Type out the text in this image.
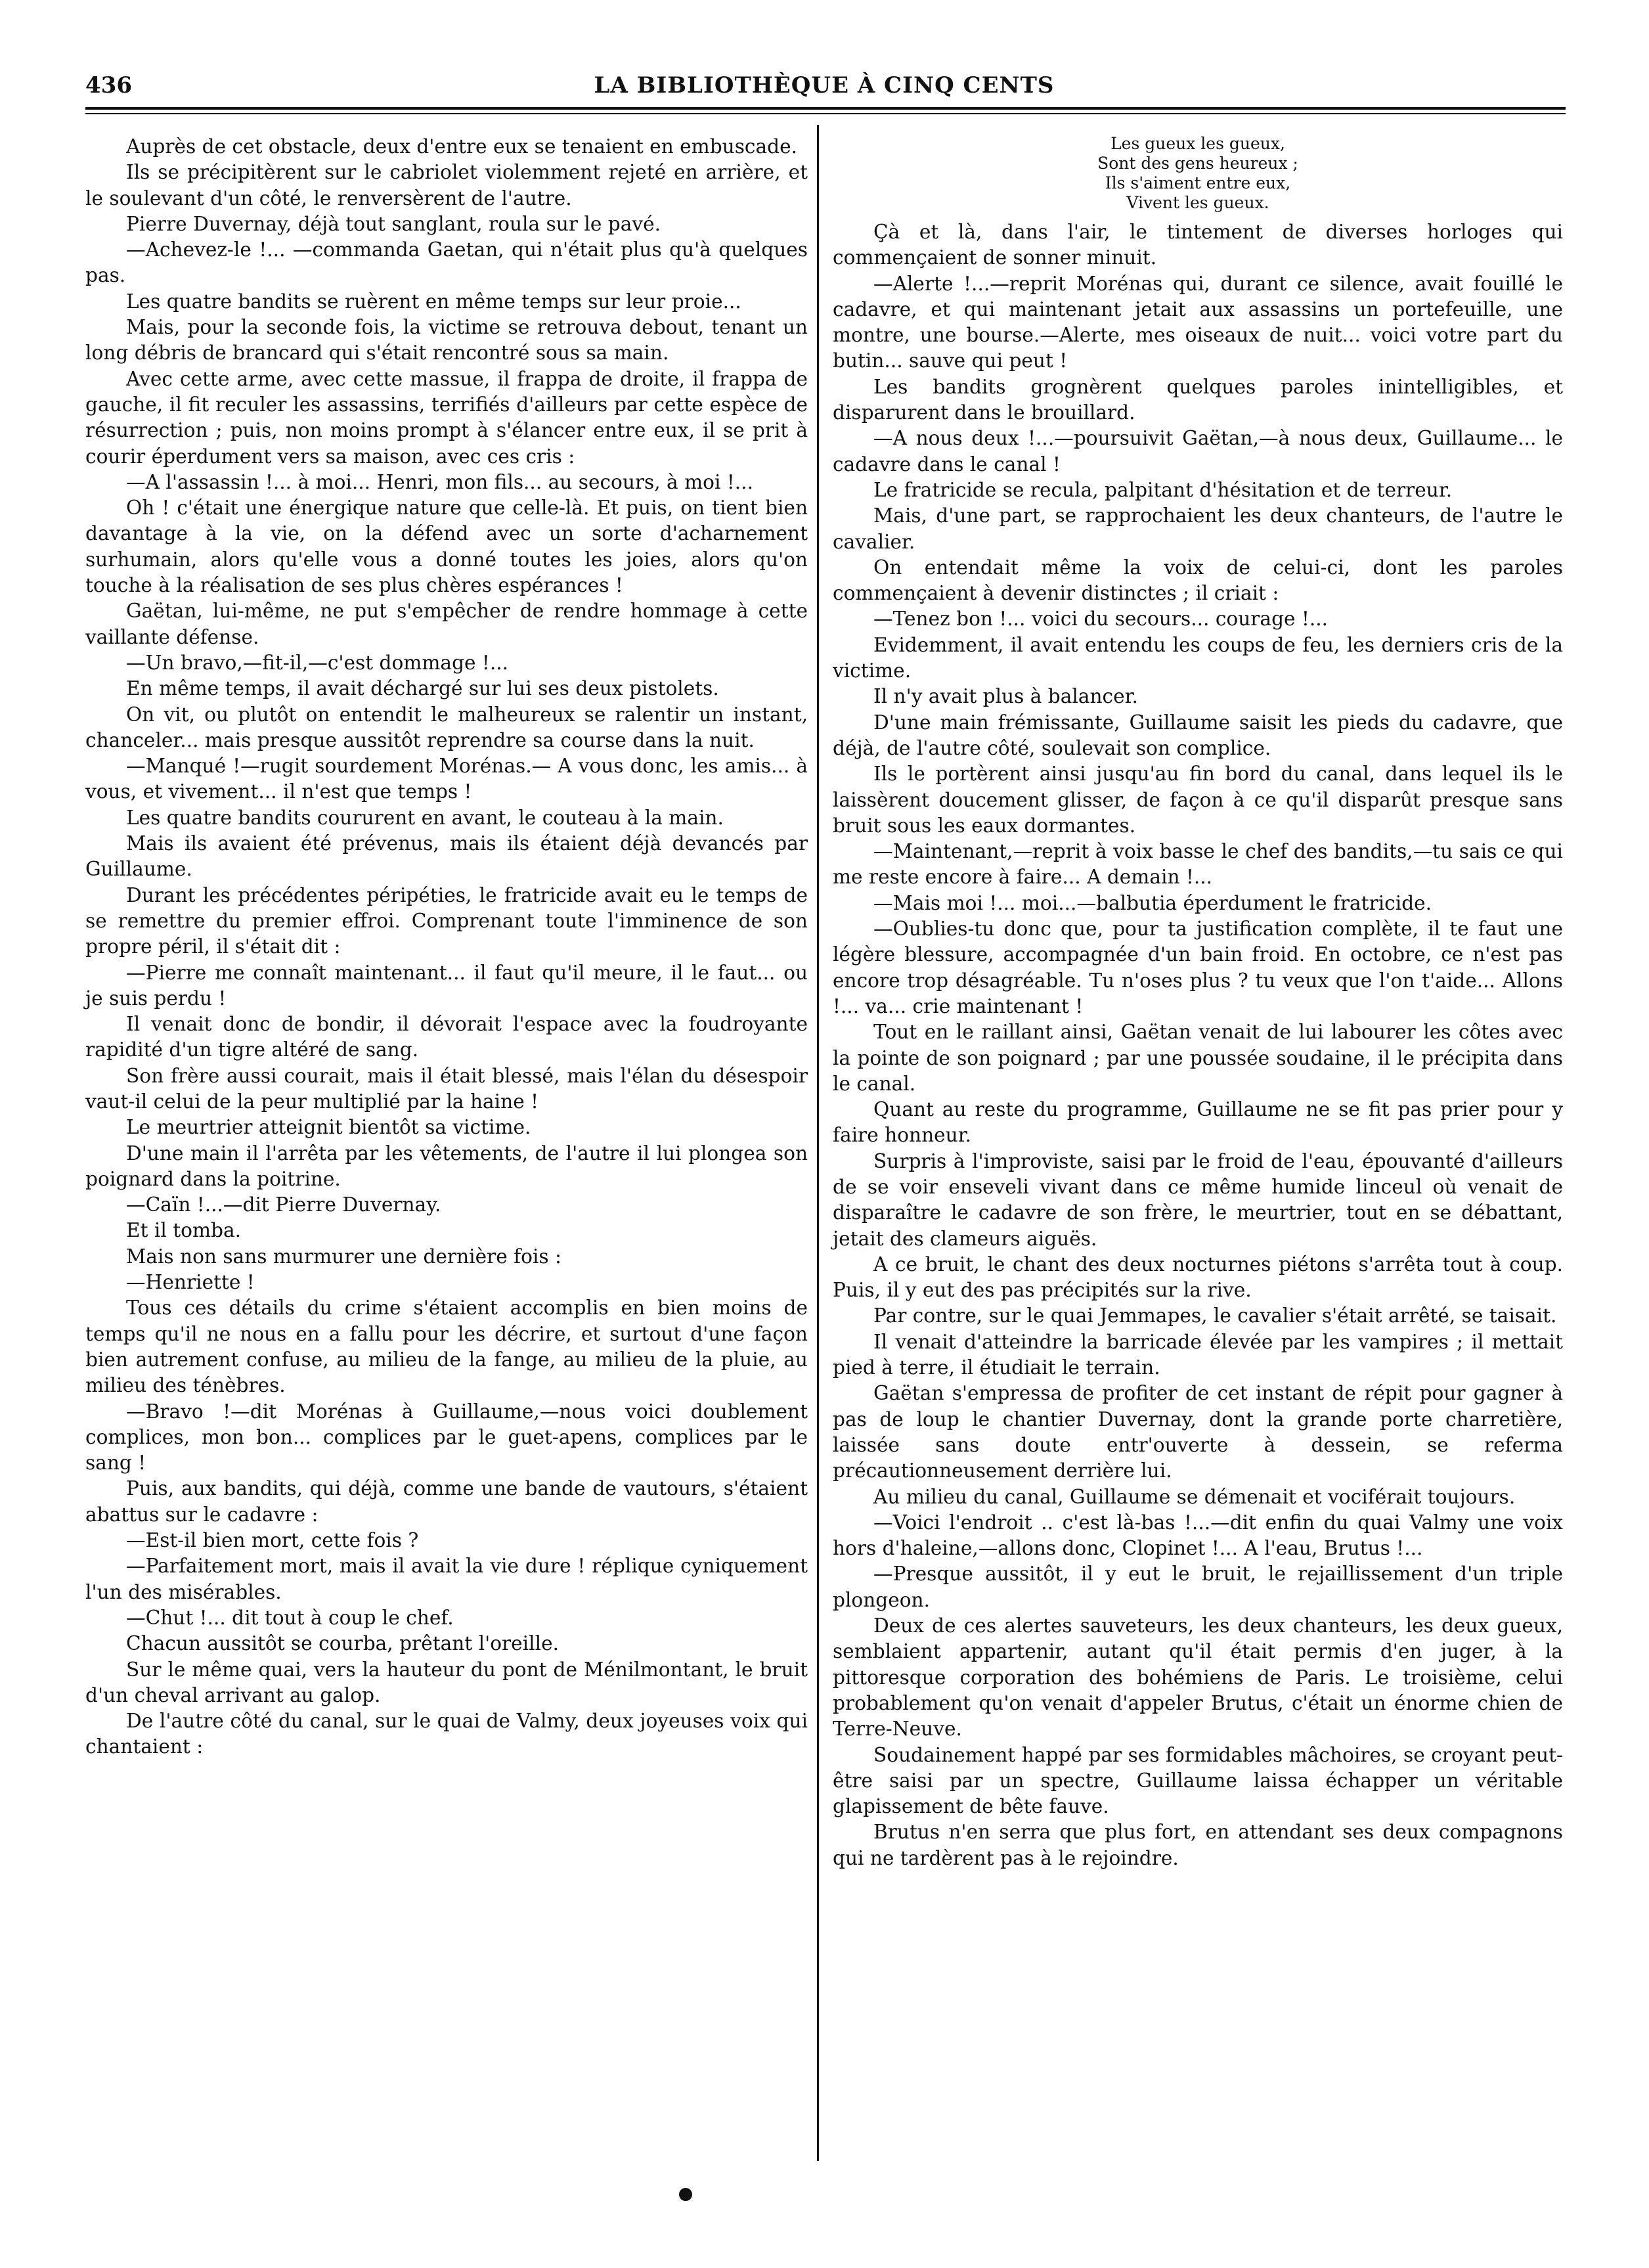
436	LA BIBLIOTHÈQUE À CINQ CENTS

Auprès de cet obstacle, deux d'entre eux se tenaient en embuscade.

Ils se précipitèrent sur le cabriolet violemment rejeté en arrière, et le soulevant d'un côté, le renversèrent de l'autre.

Pierre Duvernay, déjà tout sanglant, roula sur le pavé.

—Achevez-le !... —commanda Gaetan, qui n'était plus qu'à quelques pas.

Les quatre bandits se ruèrent en même temps sur leur proie...

Mais, pour la seconde fois, la victime se retrouva debout, tenant un long débris de brancard qui s'était rencontré sous sa main.

Avec cette arme, avec cette massue, il frappa de droite, il frappa de gauche, il fit reculer les assassins, terrifiés d'ailleurs par cette espèce de résurrection ; puis, non moins prompt à s'élancer entre eux, il se prit à courir éperdument vers sa maison, avec ces cris :

—A l'assassin !... à moi... Henri, mon fils... au secours, à moi !...

Oh ! c'était une énergique nature que celle-là. Et puis, on tient bien davantage à la vie, on la défend avec un sorte d'acharnement surhumain, alors qu'elle vous a donné toutes les joies, alors qu'on touche à la réalisation de ses plus chères espérances !

Gaëtan, lui-même, ne put s'empêcher de rendre hommage à cette vaillante défense.

—Un bravo,—fit-il,—c'est dommage !...

En même temps, il avait déchargé sur lui ses deux pistolets.

On vit, ou plutôt on entendit le malheureux se ralentir un instant, chanceler... mais presque aussitôt reprendre sa course dans la nuit.

—Manqué !—rugit sourdement Morénas.— A vous donc, les amis... à vous, et vivement... il n'est que temps !

Les quatre bandits coururent en avant, le couteau à la main.

Mais ils avaient été prévenus, mais ils étaient déjà devancés par Guillaume.

Durant les précédentes péripéties, le fratricide avait eu le temps de se remettre du premier effroi. Comprenant toute l'imminence de son propre péril, il s'était dit :

—Pierre me connaît maintenant... il faut qu'il meure, il le faut... ou je suis perdu !

Il venait donc de bondir, il dévorait l'espace avec la foudroyante rapidité d'un tigre altéré de sang.

Son frère aussi courait, mais il était blessé, mais l'élan du désespoir vaut-il celui de la peur multiplié par la haine !

Le meurtrier atteignit bientôt sa victime.

D'une main il l'arrêta par les vêtements, de l'autre il lui plongea son poignard dans la poitrine.

—Caïn !...—dit Pierre Duvernay.

Et il tomba.

Mais non sans murmurer une dernière fois :

—Henriette !

Tous ces détails du crime s'étaient accomplis en bien moins de temps qu'il ne nous en a fallu pour les décrire, et surtout d'une façon bien autrement confuse, au milieu de la fange, au milieu de la pluie, au milieu des ténèbres.

—Bravo !—dit Morénas à Guillaume,—nous voici doublement complices, mon bon... complices par le guet-apens, complices par le sang !

Puis, aux bandits, qui déjà, comme une bande de vautours, s'étaient abattus sur le cadavre :

—Est-il bien mort, cette fois ?

—Parfaitement mort, mais il avait la vie dure ! réplique cyniquement l'un des misérables.

—Chut !... dit tout à coup le chef.

Chacun aussitôt se courba, prêtant l'oreille.

Sur le même quai, vers la hauteur du pont de Ménilmontant, le bruit d'un cheval arrivant au galop.

De l'autre côté du canal, sur le quai de Valmy, deux joyeuses voix qui chantaient :

Les gueux les gueux,
Sont des gens heureux ;
Ils s'aiment entre eux,
Vivent les gueux.

Çà et là, dans l'air, le tintement de diverses horloges qui commençaient de sonner minuit.

—Alerte !...—reprit Morénas qui, durant ce silence, avait fouillé le cadavre, et qui maintenant jetait aux assassins un portefeuille, une montre, une bourse.—Alerte, mes oiseaux de nuit... voici votre part du butin... sauve qui peut !

Les bandits grognèrent quelques paroles inintelligibles, et disparurent dans le brouillard.

—A nous deux !...—poursuivit Gaëtan,—à nous deux, Guillaume... le cadavre dans le canal !

Le fratricide se recula, palpitant d'hésitation et de terreur.

Mais, d'une part, se rapprochaient les deux chanteurs, de l'autre le cavalier.

On entendait même la voix de celui-ci, dont les paroles commençaient à devenir distinctes ; il criait :

—Tenez bon !... voici du secours... courage !...

Evidemment, il avait entendu les coups de feu, les derniers cris de la victime.

Il n'y avait plus à balancer.

D'une main frémissante, Guillaume saisit les pieds du cadavre, que déjà, de l'autre côté, soulevait son complice.

Ils le portèrent ainsi jusqu'au fin bord du canal, dans lequel ils le laissèrent doucement glisser, de façon à ce qu'il disparût presque sans bruit sous les eaux dormantes.

—Maintenant,—reprit à voix basse le chef des bandits,—tu sais ce qui me reste encore à faire... A demain !...

—Mais moi !... moi...—balbutia éperdument le fratricide.

—Oublies-tu donc que, pour ta justification complète, il te faut une légère blessure, accompagnée d'un bain froid. En octobre, ce n'est pas encore trop désagréable. Tu n'oses plus ? tu veux que l'on t'aide... Allons !... va... crie maintenant !

Tout en le raillant ainsi, Gaëtan venait de lui labourer les côtes avec la pointe de son poignard ; par une poussée soudaine, il le précipita dans le canal.

Quant au reste du programme, Guillaume ne se fit pas prier pour y faire honneur.

Surpris à l'improviste, saisi par le froid de l'eau, épouvanté d'ailleurs de se voir enseveli vivant dans ce même humide linceul où venait de disparaître le cadavre de son frère, le meurtrier, tout en se débattant, jetait des clameurs aiguës.

A ce bruit, le chant des deux nocturnes piétons s'arrêta tout à coup. Puis, il y eut des pas précipités sur la rive.

Par contre, sur le quai Jemmapes, le cavalier s'était arrêté, se taisait.

Il venait d'atteindre la barricade élevée par les vampires ; il mettait pied à terre, il étudiait le terrain.

Gaëtan s'empressa de profiter de cet instant de répit pour gagner à pas de loup le chantier Duvernay, dont la grande porte charretière, laissée sans doute entr'ouverte à dessein, se referma précautionneusement derrière lui.

Au milieu du canal, Guillaume se démenait et vociférait toujours.

—Voici l'endroit .. c'est là-bas !...—dit enfin du quai Valmy une voix hors d'haleine,—allons donc, Clopinet !... A l'eau, Brutus !...

—Presque aussitôt, il y eut le bruit, le rejaillissement d'un triple plongeon.

Deux de ces alertes sauveteurs, les deux chanteurs, les deux gueux, semblaient appartenir, autant qu'il était permis d'en juger, à la pittoresque corporation des bohémiens de Paris. Le troisième, celui probablement qu'on venait d'appeler Brutus, c'était un énorme chien de Terre-Neuve.

Soudainement happé par ses formidables mâchoires, se croyant peut-être saisi par un spectre, Guillaume laissa échapper un véritable glapissement de bête fauve.

Brutus n'en serra que plus fort, en attendant ses deux compagnons qui ne tardèrent pas à le rejoindre.
